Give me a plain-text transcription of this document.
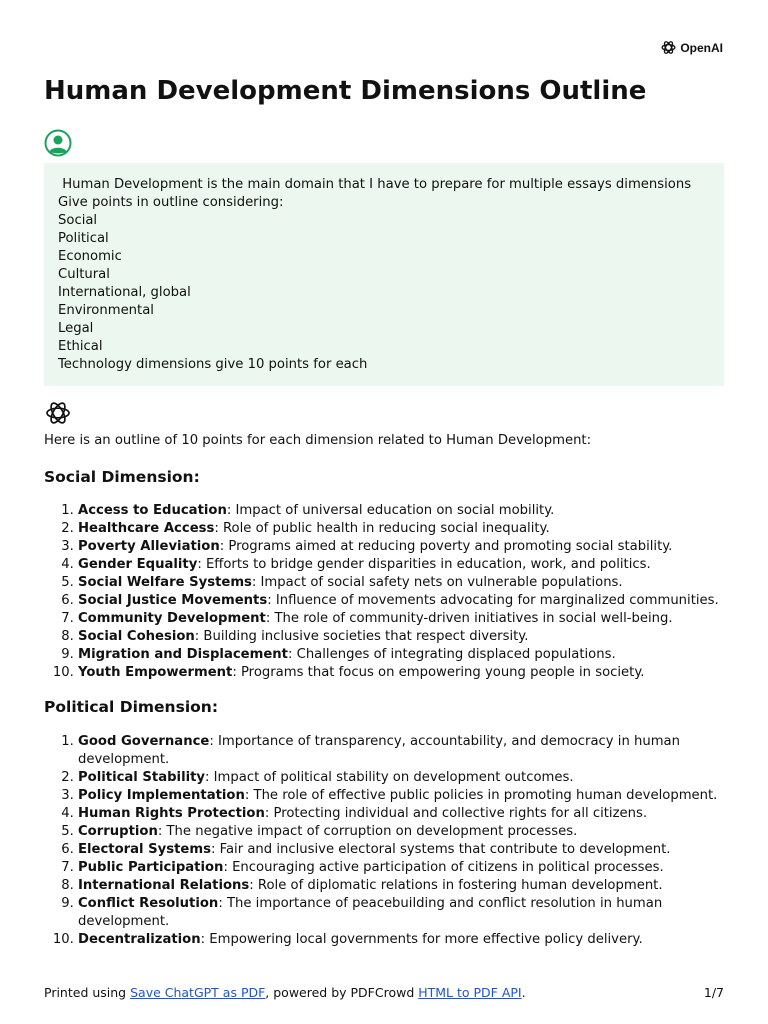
OpenAI
Human Development Dimensions Outline
Human Development is the main domain that I have to prepare for multiple essays dimensions
Give points in outline considering:
Social
Political
Economic
Cultural
International, global
Environmental
Legal
Ethical
Technology dimensions give 10 points for each

Here is an outline of 10 points for each dimension related to Human Development:

Social Dimension:
1. Access to Education: Impact of universal education on social mobility.
2. Healthcare Access: Role of public health in reducing social inequality.
3. Poverty Alleviation: Programs aimed at reducing poverty and promoting social stability.
4. Gender Equality: Efforts to bridge gender disparities in education, work, and politics.
5. Social Welfare Systems: Impact of social safety nets on vulnerable populations.
6. Social Justice Movements: Influence of movements advocating for marginalized communities.
7. Community Development: The role of community-driven initiatives in social well-being.
8. Social Cohesion: Building inclusive societies that respect diversity.
9. Migration and Displacement: Challenges of integrating displaced populations.
10. Youth Empowerment: Programs that focus on empowering young people in society.
Political Dimension:
1. Good Governance: Importance of transparency, accountability, and democracy in human development.
2. Political Stability: Impact of political stability on development outcomes.
3. Policy Implementation: The role of effective public policies in promoting human development.
4. Human Rights Protection: Protecting individual and collective rights for all citizens.
5. Corruption: The negative impact of corruption on development processes.
6. Electoral Systems: Fair and inclusive electoral systems that contribute to development.
7. Public Participation: Encouraging active participation of citizens in political processes.
8. International Relations: Role of diplomatic relations in fostering human development.
9. Conflict Resolution: The importance of peacebuilding and conflict resolution in human development.
10. Decentralization: Empowering local governments for more effective policy delivery.
Printed using Save ChatGPT as PDF, powered by PDFCrowd HTML to PDF API.	1/7
